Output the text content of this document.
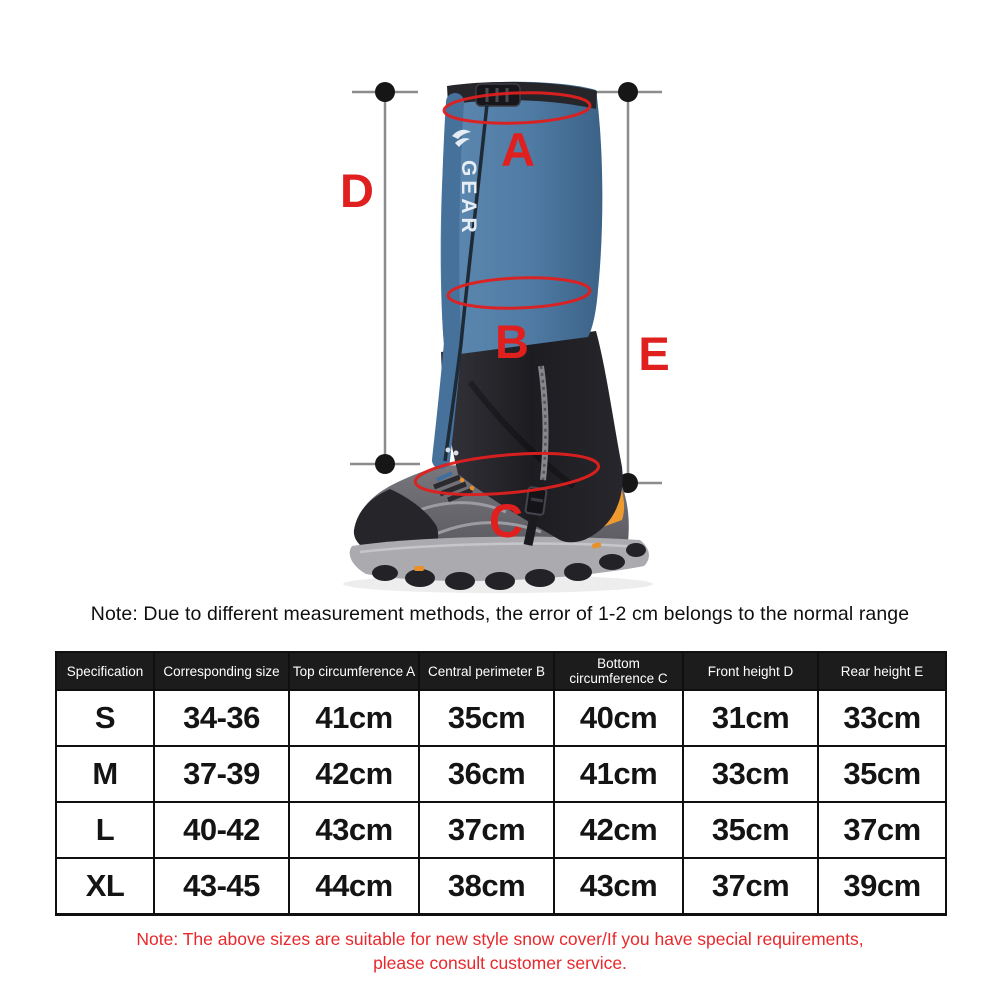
GEAR
A
B
C
D
E
Note: Due to different measurement methods, the error of 1-2 cm belongs to the normal range
Specification	Corresponding size	Top circumference A	Central perimeter B	Bottom circumference C	Front height D	Rear height E
S	34-36	41cm	35cm	40cm	31cm	33cm
M	37-39	42cm	36cm	41cm	33cm	35cm
L	40-42	43cm	37cm	42cm	35cm	37cm
XL	43-45	44cm	38cm	43cm	37cm	39cm
Note: The above sizes are suitable for new style snow cover/If you have special requirements,
please consult customer service.
